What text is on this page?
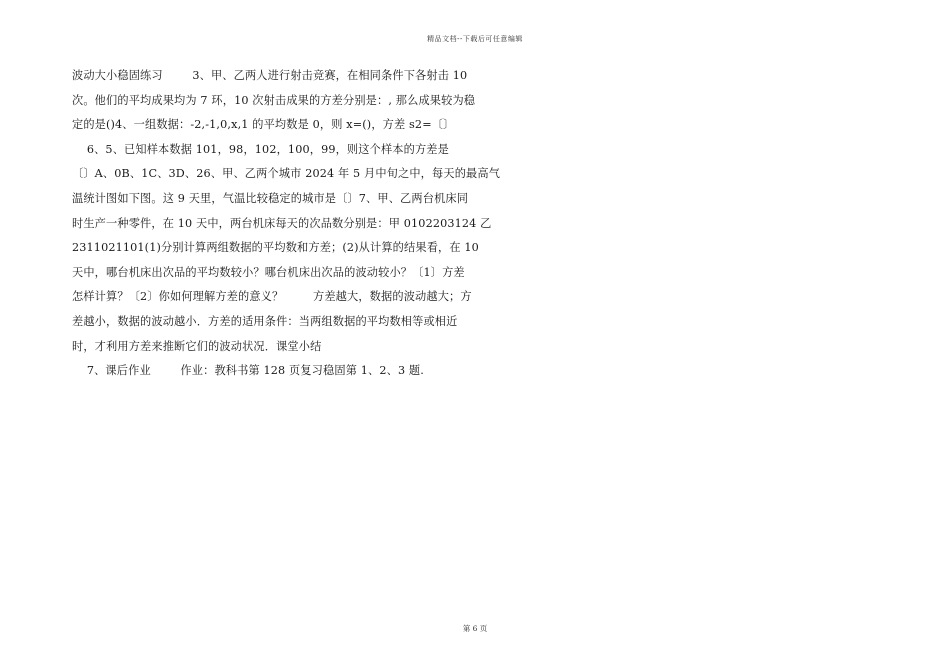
精品文档--下载后可任意编辑
波动大小稳固练习        3、甲、乙两人进行射击竞赛，在相同条件下各射击 10
次。他们的平均成果均为 7 环，10 次射击成果的方差分别是：, 那么成果较为稳
定的是()4、一组数据：-2,-1,0,x,1 的平均数是 0，则 x=()，方差 s2=〔〕
6、5、已知样本数据 101，98，102，100，99，则这个样本的方差是
〔〕A、0B、1C、3D、26、甲、乙两个城市 2024 年 5 月中旬之中，每天的最高气
温统计图如下图。这 9 天里，气温比较稳定的城市是〔〕7、甲、乙两台机床同
时生产一种零件，在 10 天中，两台机床每天的次品数分别是：甲 0102203124 乙
2311021101(1)分别计算两组数据的平均数和方差；(2)从计算的结果看，在 10
天中，哪台机床出次品的平均数较小？哪台机床出次品的波动较小？〔1〕方差
怎样计算？〔2〕你如何理解方差的意义？        方差越大，数据的波动越大；方
差越小，数据的波动越小．方差的适用条件：当两组数据的平均数相等或相近
时，才利用方差来推断它们的波动状况．课堂小结
7、课后作业        作业：教科书第 128 页复习稳固第 1、2、3 题.
第 6 页
